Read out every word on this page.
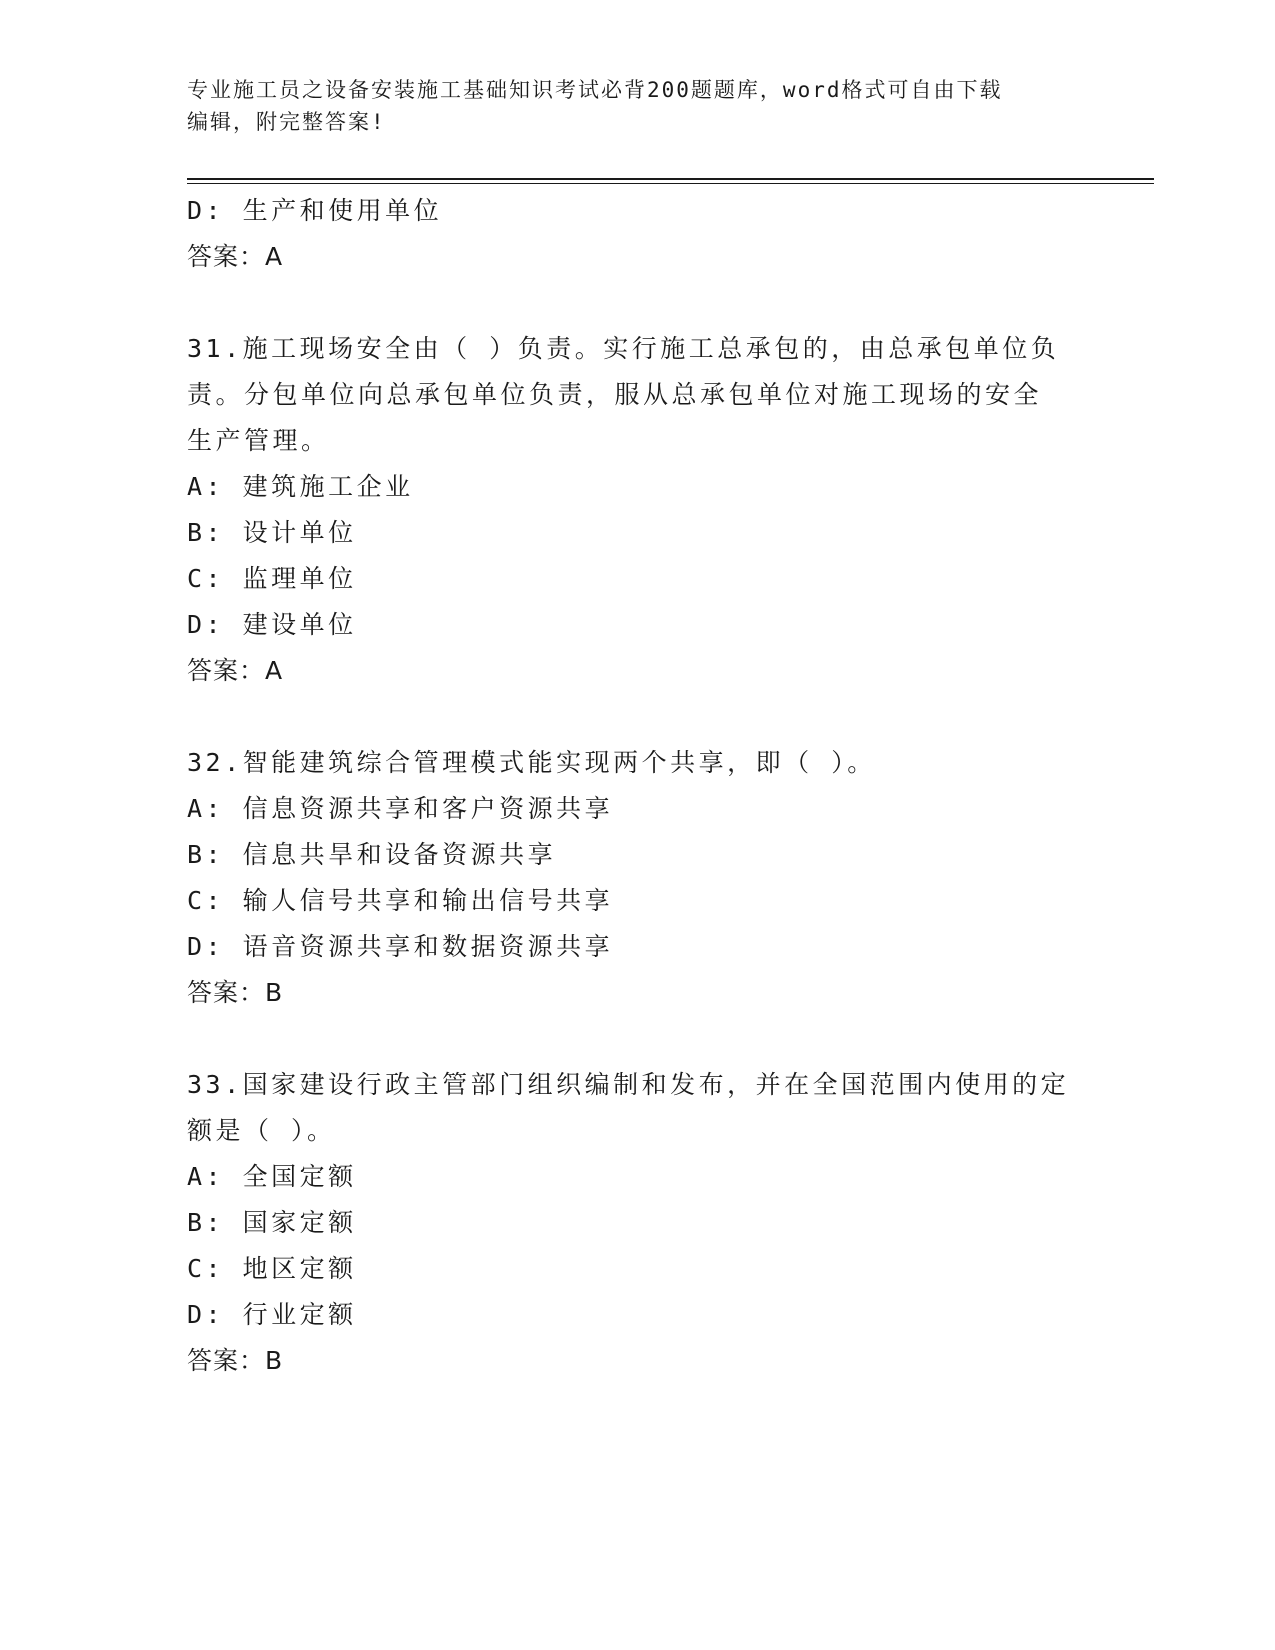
专业施工员之设备安装施工基础知识考试必背200题题库，word格式可自由下载
编辑，附完整答案!
D: 生产和使用单位
答案：A
31.施工现场安全由（ ）负责。实行施工总承包的，由总承包单位负
责。分包单位向总承包单位负责，服从总承包单位对施工现场的安全
生产管理。
A: 建筑施工企业
B: 设计单位
C: 监理单位
D: 建设单位
答案：A
32.智能建筑综合管理模式能实现两个共享，即（ ）。
A: 信息资源共享和客户资源共享
B: 信息共旱和设备资源共享
C: 输人信号共享和输出信号共享
D: 语音资源共享和数据资源共享
答案：B
33.国家建设行政主管部门组织编制和发布，并在全国范围内使用的定
额是（ ）。
A: 全国定额
B: 国家定额
C: 地区定额
D: 行业定额
答案：B
